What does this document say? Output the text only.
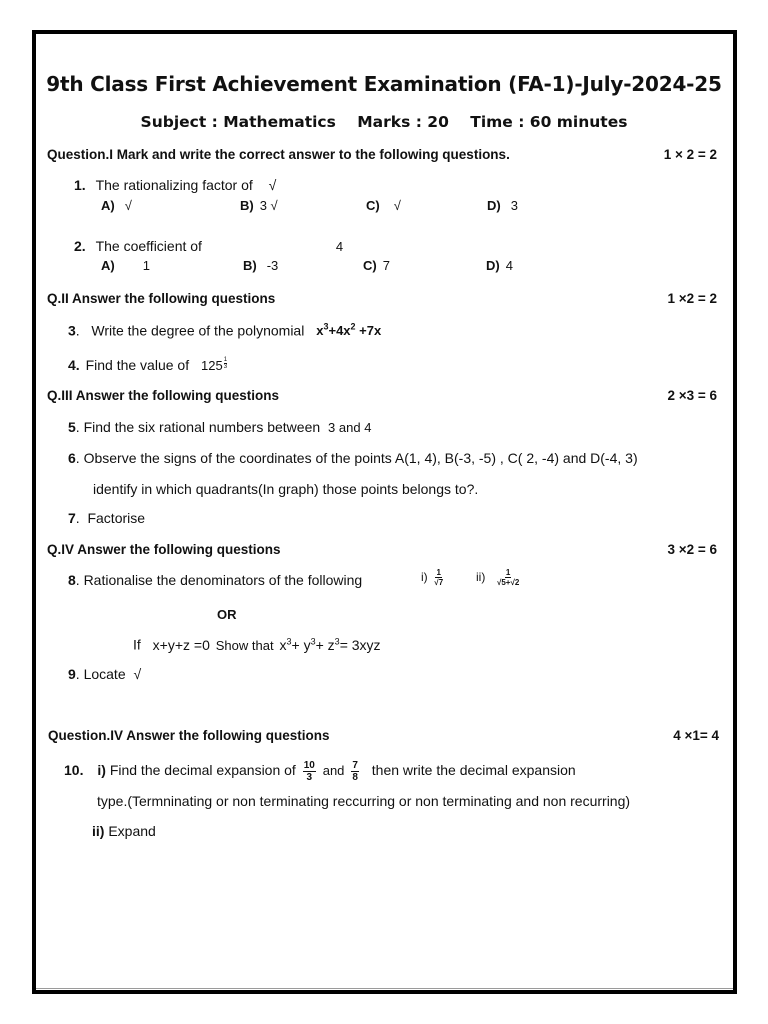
9th Class First Achievement Examination (FA-1)-July-2024-25
Subject : Mathematics Marks : 20 Time : 60 minutes
Question.I Mark and write the correct answer to the following questions.	1 × 2 = 2
1. The rationalizing factor of √
A) √	B) 3 √	C) √	D) 3
2. The coefficient of	4
A) 1	B) -3	C) 7	D) 4
Q.II Answer the following questions	1 ×2 = 2
3.   Write the degree of the polynomial $x^3+4x^2 +7x$
4. Find the value of $125 \frac{1}{3}$
Q.III Answer the following questions	2 ×3 = 6
5. Find the six rational numbers between 3 and 4
6. Observe the signs of the coordinates of the points A(1, 4), B(-3, -5) , C( 2, -4) and D(-4, 3)
identify in which quadrants(In graph) those points belongs to?.
7.  Factorise
Q.IV Answer the following questions	3 ×2 = 6
8. Rationalise the denominators of the following	$i) \frac{1}{√7}$	$ii) \frac{1}{√5+√2}$
OR
If x+y+z =0 Show that $x^3+ y^3+ z^3= 3xyz$
9. Locate √
Question.IV Answer the following questions	4 ×1= 4
10. i) Find the decimal expansion of $\frac{10}{3}$ and $\frac{7}{8}$ then write the decimal expansion
type.(Termninating or non terminating reccurring or non terminating and non recurring)
ii) Expand
